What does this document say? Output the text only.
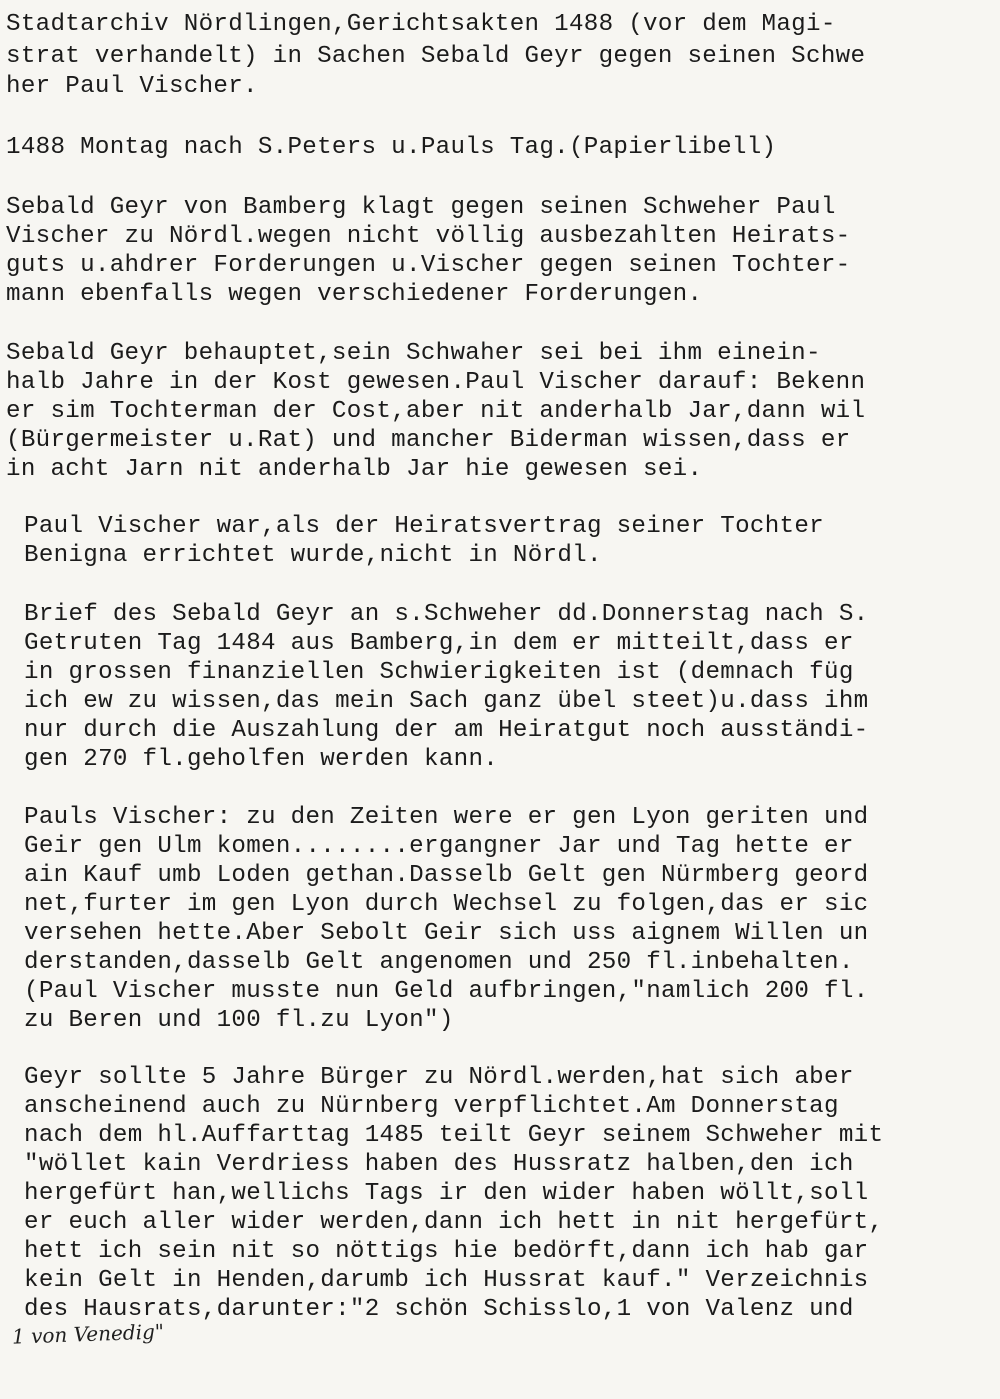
Stadtarchiv Nördlingen,Gerichtsakten 1488 (vor dem Magi-

strat verhandelt) in Sachen Sebald Geyr gegen seinen Schwe

her Paul Vischer.

1488 Montag nach S.Peters u.Pauls Tag.(Papierlibell)

Sebald Geyr von Bamberg klagt gegen seinen Schweher Paul

Vischer zu Nördl.wegen nicht völlig ausbezahlten Heirats-

guts u.ahdrer Forderungen u.Vischer gegen seinen Tochter-

mann ebenfalls wegen verschiedener Forderungen.

Sebald Geyr behauptet,sein Schwaher sei bei ihm einein-

halb Jahre in der Kost gewesen.Paul Vischer darauf: Bekenn

er sim Tochterman der Cost,aber nit anderhalb Jar,dann wil

(Bürgermeister u.Rat) und mancher Biderman wissen,dass er

in acht Jarn nit anderhalb Jar hie gewesen sei.

Paul Vischer war,als der Heiratsvertrag seiner Tochter

Benigna errichtet wurde,nicht in Nördl.

Brief des Sebald Geyr an s.Schweher dd.Donnerstag nach S.

Getruten Tag 1484 aus Bamberg,in dem er mitteilt,dass er

in grossen finanziellen Schwierigkeiten ist (demnach füg

ich ew zu wissen,das mein Sach ganz übel steet)u.dass ihm

nur durch die Auszahlung der am Heiratgut noch ausständi-

gen 270 fl.geholfen werden kann.

Pauls Vischer: zu den Zeiten were er gen Lyon geriten und

Geir gen Ulm komen........ergangner Jar und Tag hette er

ain Kauf umb Loden gethan.Dasselb Gelt gen Nürmberg geord

net,furter im gen Lyon durch Wechsel zu folgen,das er sic

versehen hette.Aber Sebolt Geir sich uss aignem Willen un

derstanden,dasselb Gelt angenomen und 250 fl.inbehalten.

(Paul Vischer musste nun Geld aufbringen,"namlich 200 fl.

zu Beren und 100 fl.zu Lyon")

Geyr sollte 5 Jahre Bürger zu Nördl.werden,hat sich aber

anscheinend auch zu Nürnberg verpflichtet.Am Donnerstag

nach dem hl.Auffarttag 1485 teilt Geyr seinem Schweher mit

"wöllet kain Verdriess haben des Hussratz halben,den ich

hergefürt han,wellichs Tags ir den wider haben wöllt,soll

er euch aller wider werden,dann ich hett in nit hergefürt,

hett ich sein nit so nöttigs hie bedörft,dann ich hab gar

kein Gelt in Henden,darumb ich Hussrat kauf." Verzeichnis

des Hausrats,darunter:"2 schön Schisslo,1 von Valenz und

1 von Venedig"
